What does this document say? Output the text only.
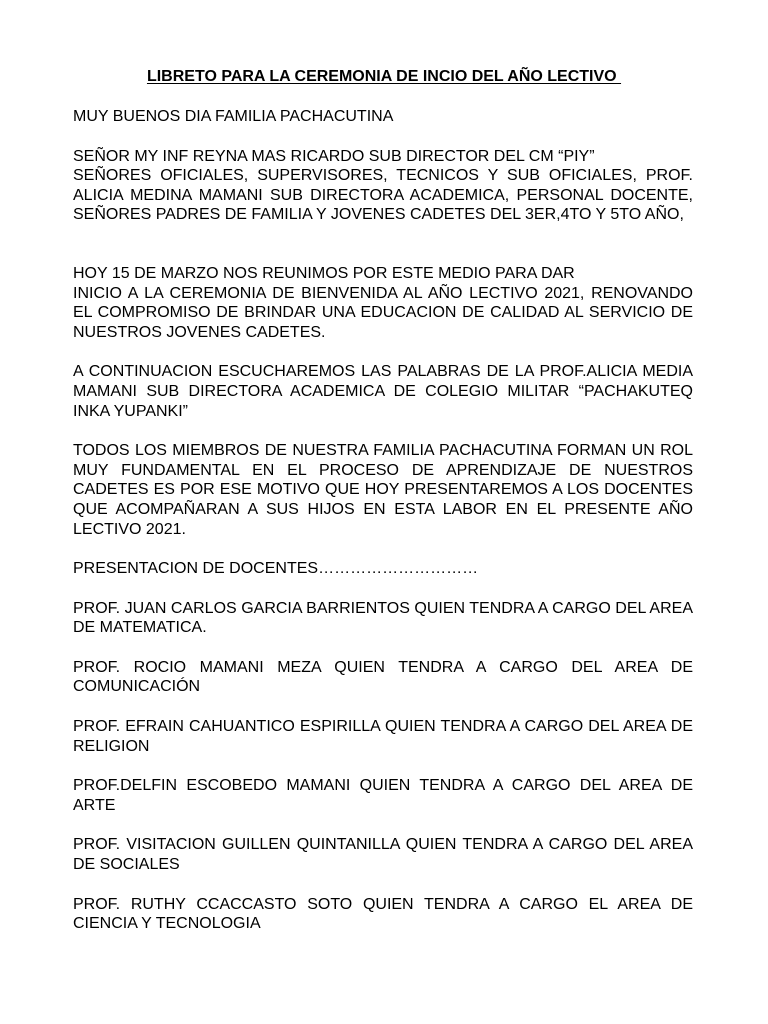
LIBRETO PARA LA CEREMONIA DE INCIO DEL AÑO LECTIVO

MUY BUENOS DIA FAMILIA PACHACUTINA

SEÑOR MY INF REYNA MAS RICARDO SUB DIRECTOR DEL CM “PIY”

SEÑORES OFICIALES, SUPERVISORES, TECNICOS Y SUB OFICIALES, PROF. ALICIA MEDINA MAMANI SUB DIRECTORA ACADEMICA, PERSONAL DOCENTE, SEÑORES PADRES DE FAMILIA Y JOVENES CADETES DEL 3ER,4TO Y 5TO AÑO,

HOY 15 DE MARZO NOS REUNIMOS POR ESTE MEDIO PARA DAR

INICIO A LA CEREMONIA DE BIENVENIDA AL AÑO LECTIVO 2021, RENOVANDO EL COMPROMISO DE BRINDAR UNA EDUCACION DE CALIDAD AL SERVICIO DE NUESTROS JOVENES CADETES.

A CONTINUACION ESCUCHAREMOS LAS PALABRAS DE LA PROF.ALICIA MEDIA MAMANI SUB DIRECTORA ACADEMICA DE COLEGIO MILITAR “PACHAKUTEQ INKA YUPANKI”

TODOS LOS MIEMBROS DE NUESTRA FAMILIA PACHACUTINA FORMAN UN ROL MUY FUNDAMENTAL EN EL PROCESO DE APRENDIZAJE DE NUESTROS CADETES ES POR ESE MOTIVO QUE HOY PRESENTAREMOS A LOS DOCENTES QUE ACOMPAÑARAN A SUS HIJOS EN ESTA LABOR EN EL PRESENTE AÑO LECTIVO 2021.

PRESENTACION DE DOCENTES…………………………

PROF. JUAN CARLOS GARCIA BARRIENTOS QUIEN TENDRA A CARGO DEL AREA DE MATEMATICA.

PROF. ROCIO MAMANI MEZA QUIEN TENDRA A CARGO DEL AREA DE COMUNICACIÓN

PROF. EFRAIN CAHUANTICO ESPIRILLA QUIEN TENDRA A CARGO DEL AREA DE RELIGION

PROF.DELFIN ESCOBEDO MAMANI QUIEN TENDRA A CARGO DEL AREA DE ARTE

PROF. VISITACION GUILLEN QUINTANILLA QUIEN TENDRA A CARGO DEL AREA DE SOCIALES

PROF. RUTHY CCACCASTO SOTO QUIEN TENDRA A CARGO EL AREA DE CIENCIA Y TECNOLOGIA
